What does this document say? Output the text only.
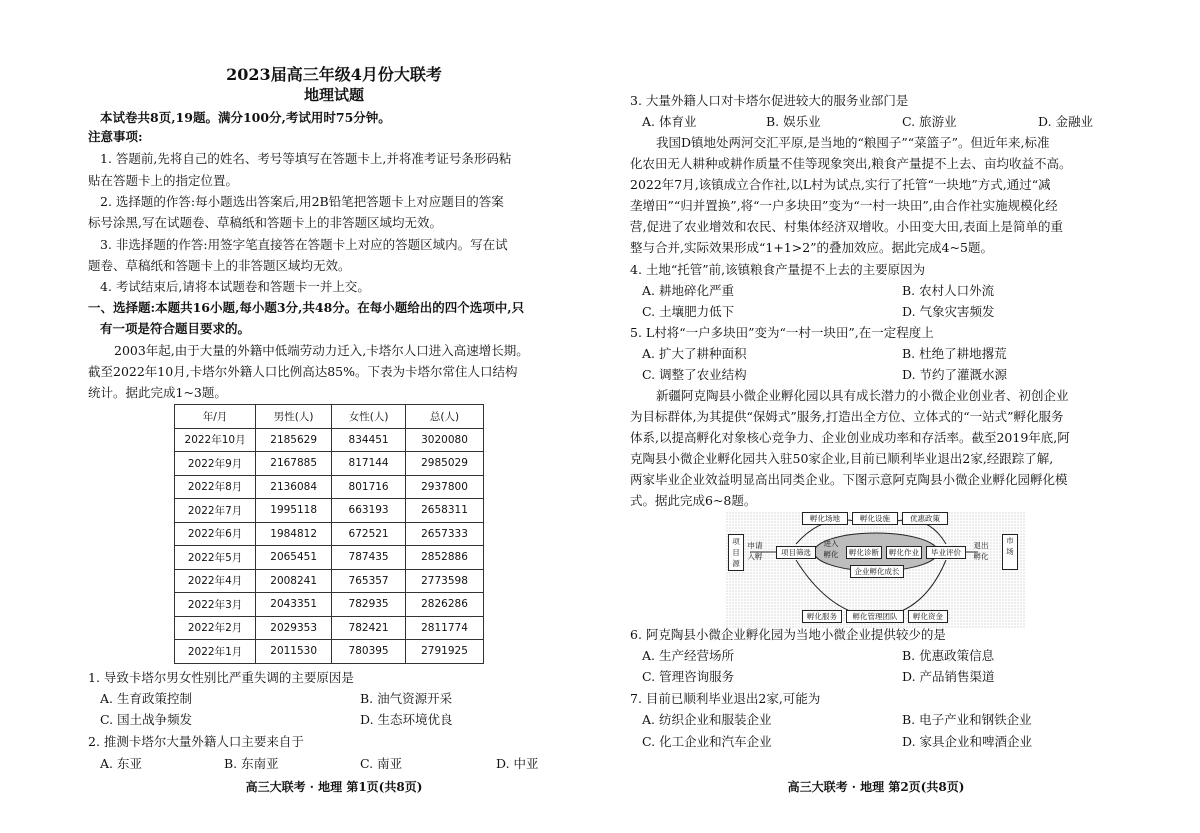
2023届高三年级4月份大联考
地理试题
本试卷共8页,19题。满分100分,考试用时75分钟。
注意事项:
1. 答题前,先将自己的姓名、考号等填写在答题卡上,并将准考证号条形码粘
贴在答题卡上的指定位置。
2. 选择题的作答:每小题选出答案后,用2B铅笔把答题卡上对应题目的答案
标号涂黑,写在试题卷、草稿纸和答题卡上的非答题区域均无效。
3. 非选择题的作答:用签字笔直接答在答题卡上对应的答题区域内。写在试
题卷、草稿纸和答题卡上的非答题区域均无效。
4. 考试结束后,请将本试题卷和答题卡一并上交。
一、选择题:本题共16小题,每小题3分,共48分。在每小题给出的四个选项中,只
有一项是符合题目要求的。
2003年起,由于大量的外籍中低端劳动力迁入,卡塔尔人口进入高速增长期。
截至2022年10月,卡塔尔外籍人口比例高达85%。下表为卡塔尔常住人口结构
统计。据此完成1~3题。
年/月	男性(人)	女性(人)	总(人)
2022年10月	2185629	834451	3020080
2022年9月	2167885	817144	2985029
2022年8月	2136084	801716	2937800
2022年7月	1995118	663193	2658311
2022年6月	1984812	672521	2657333
2022年5月	2065451	787435	2852886
2022年4月	2008241	765357	2773598
2022年3月	2043351	782935	2826286
2022年2月	2029353	782421	2811774
2022年1月	2011530	780395	2791925
1. 导致卡塔尔男女性别比严重失调的主要原因是
A. 生育政策控制	B. 油气资源开采
C. 国土战争频发	D. 生态环境优良
2. 推测卡塔尔大量外籍人口主要来自于
A. 东亚	B. 东南亚	C. 南亚	D. 中亚
高三大联考 · 地理 第1页(共8页)
3. 大量外籍人口对卡塔尔促进较大的服务业部门是
A. 体育业	B. 娱乐业	C. 旅游业	D. 金融业
我国D镇地处两河交汇平原,是当地的“粮囤子”“菜篮子”。但近年来,标准
化农田无人耕种或耕作质量不佳等现象突出,粮食产量提不上去、亩均收益不高。
2022年7月,该镇成立合作社,以L村为试点,实行了托管“一块地”方式,通过“减
垄增田”“归并置换”,将“一户多块田”变为“一村一块田”,由合作社实施规模化经
营,促进了农业增效和农民、村集体经济双增收。小田变大田,表面上是简单的重
整与合并,实际效果形成“1+1>2”的叠加效应。据此完成4~5题。
4. 土地“托管”前,该镇粮食产量提不上去的主要原因为
A. 耕地碎化严重	B. 农村人口外流
C. 土壤肥力低下	D. 气象灾害频发
5. L村将“一户多块田”变为“一村一块田”,在一定程度上
A. 扩大了耕种面积	B. 杜绝了耕地撂荒
C. 调整了农业结构	D. 节约了灌溉水源
新疆阿克陶县小微企业孵化园以具有成长潜力的小微企业创业者、初创企业
为目标群体,为其提供“保姆式”服务,打造出全方位、立体式的“一站式”孵化服务
体系,以提高孵化对象核心竞争力、企业创业成功率和存活率。截至2019年底,阿
克陶县小微企业孵化园共入驻50家企业,目前已顺利毕业退出2家,经跟踪了解,
两家毕业企业效益明显高出同类企业。下图示意阿克陶县小微企业孵化园孵化模
式。据此完成6~8题。
孵化场地	孵化设施	优惠政策
项目源
申请入孵	项目筛选
进入孵化	孵化诊断	孵化作业
企业孵化成长
毕业评价
退出孵化
市场
孵化服务	孵化管理团队	孵化资金
6. 阿克陶县小微企业孵化园为当地小微企业提供较少的是
A. 生产经营场所	B. 优惠政策信息
C. 管理咨询服务	D. 产品销售渠道
7. 目前已顺利毕业退出2家,可能为
A. 纺织企业和服装企业	B. 电子产业和钢铁企业
C. 化工企业和汽车企业	D. 家具企业和啤酒企业
高三大联考 · 地理 第2页(共8页)
